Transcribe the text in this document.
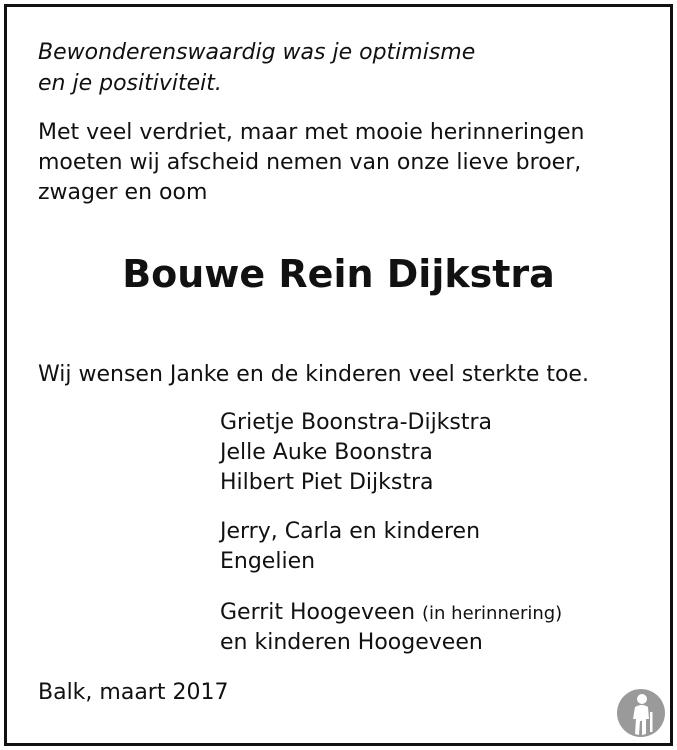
Bewonderenswaardig was je optimisme
en je positiviteit.
Met veel verdriet, maar met mooie herinneringen
moeten wij afscheid nemen van onze lieve broer,
zwager en oom
Bouwe Rein Dijkstra
Wij wensen Janke en de kinderen veel sterkte toe.
Grietje Boonstra-Dijkstra
Jelle Auke Boonstra
Hilbert Piet Dijkstra
Jerry, Carla en kinderen
Engelien
Gerrit Hoogeveen (in herinnering)
en kinderen Hoogeveen
Balk, maart 2017
